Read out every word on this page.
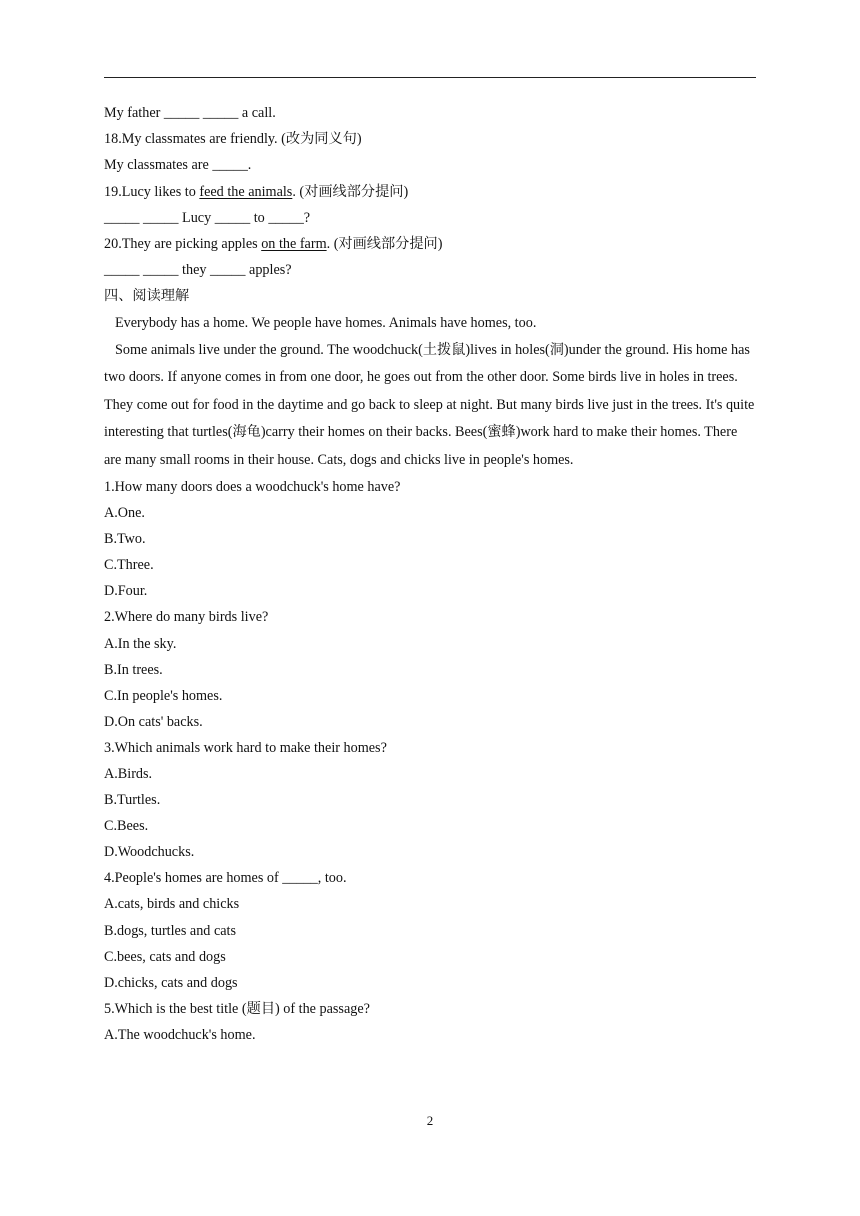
My father _____ _____ a call.
18.My classmates are friendly. (改为同义句)
My classmates are _____.
19.Lucy likes to feed the animals. (对画线部分提问)
_____ _____ Lucy _____ to _____?
20.They are picking apples on the farm. (对画线部分提问)
_____ _____ they _____ apples?
四、阅读理解

Everybody has a home. We people have homes. Animals have homes, too.

Some animals live under the ground. The woodchuck(土拨鼠)lives in holes(洞)under the ground. His home has two doors. If anyone comes in from one door, he goes out from the other door. Some birds live in holes in trees. They come out for food in the daytime and go back to sleep at night. But many birds live just in the trees. It's quite interesting that turtles(海龟)carry their homes on their backs. Bees(蜜蜂)work hard to make their homes. There are many small rooms in their house. Cats, dogs and chicks live in people's homes.

1.How many doors does a woodchuck's home have?
A.One.
B.Two.
C.Three.
D.Four.
2.Where do many birds live?
A.In the sky.
B.In trees.
C.In people's homes.
D.On cats' backs.
3.Which animals work hard to make their homes?
A.Birds.
B.Turtles.
C.Bees.
D.Woodchucks.
4.People's homes are homes of _____, too.
A.cats, birds and chicks
B.dogs, turtles and cats
C.bees, cats and dogs
D.chicks, cats and dogs
5.Which is the best title (题目) of the passage?
A.The woodchuck's home.
2
